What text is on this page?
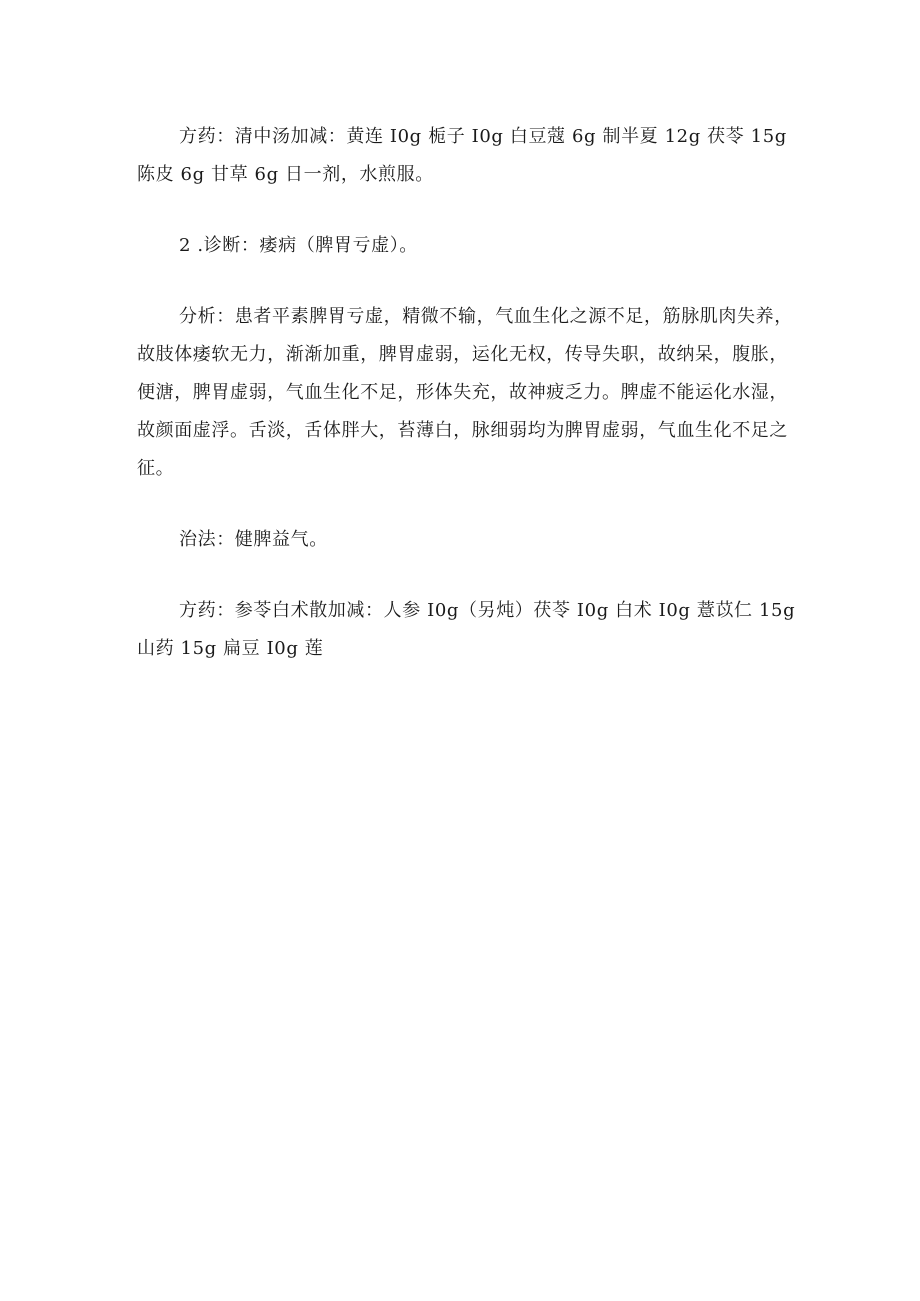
方药：清中汤加减：黄连 I0g 栀子 I0g 白豆蔻 6g 制半夏 12g 茯苓 15g 陈皮 6g 甘草 6g 日一剂，水煎服。

2 .诊断：痿病（脾胃亏虚）。

分析：患者平素脾胃亏虚，精微不输，气血生化之源不足，筋脉肌肉失养，故肢体痿软无力，渐渐加重，脾胃虚弱，运化无权，传导失职，故纳呆，腹胀，便溏，脾胃虚弱，气血生化不足，形体失充，故神疲乏力。脾虚不能运化水湿，故颜面虚浮。舌淡，舌体胖大，苔薄白，脉细弱均为脾胃虚弱，气血生化不足之征。

治法：健脾益气。

方药：参苓白术散加减：人参 I0g（另炖）茯苓 I0g 白术 I0g 薏苡仁 15g 山药 15g 扁豆 I0g 莲
